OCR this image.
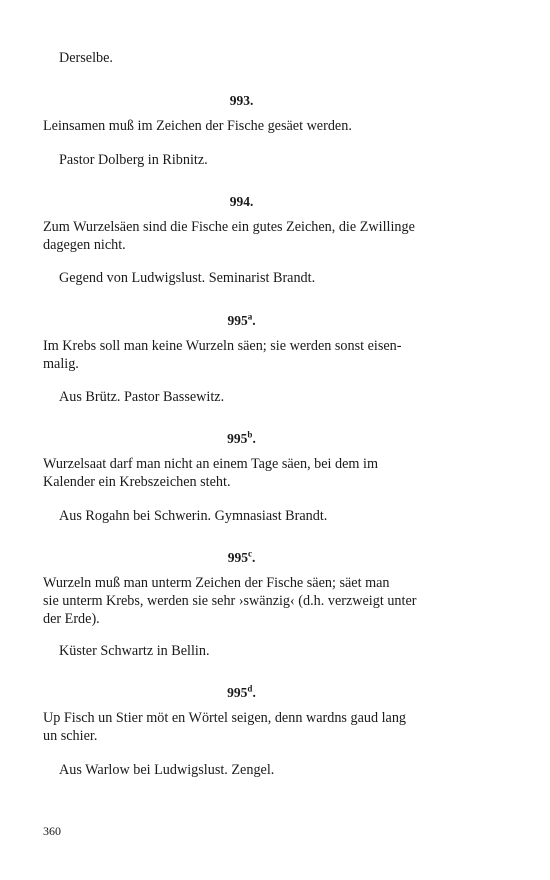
Derselbe.
993.
Leinsamen muß im Zeichen der Fische gesäet werden.
Pastor Dolberg in Ribnitz.
994.
Zum Wurzelsäen sind die Fische ein gutes Zeichen, die Zwillinge
dagegen nicht.
Gegend von Ludwigslust. Seminarist Brandt.
995$^a$.
Im Krebs soll man keine Wurzeln säen; sie werden sonst eisen-
malig.
Aus Brütz. Pastor Bassewitz.
995$^b$.
Wurzelsaat darf man nicht an einem Tage säen, bei dem im
Kalender ein Krebszeichen steht.
Aus Rogahn bei Schwerin. Gymnasiast Brandt.
995$^c$.
Wurzeln muß man unterm Zeichen der Fische säen; säet man
sie unterm Krebs, werden sie sehr ›swänzig‹ (d.h. verzweigt unter
der Erde).
Küster Schwartz in Bellin.
995$^d$.
Up Fisch un Stier möt en Wörtel seigen, denn wardns gaud lang
un schier.
Aus Warlow bei Ludwigslust. Zengel.
360
